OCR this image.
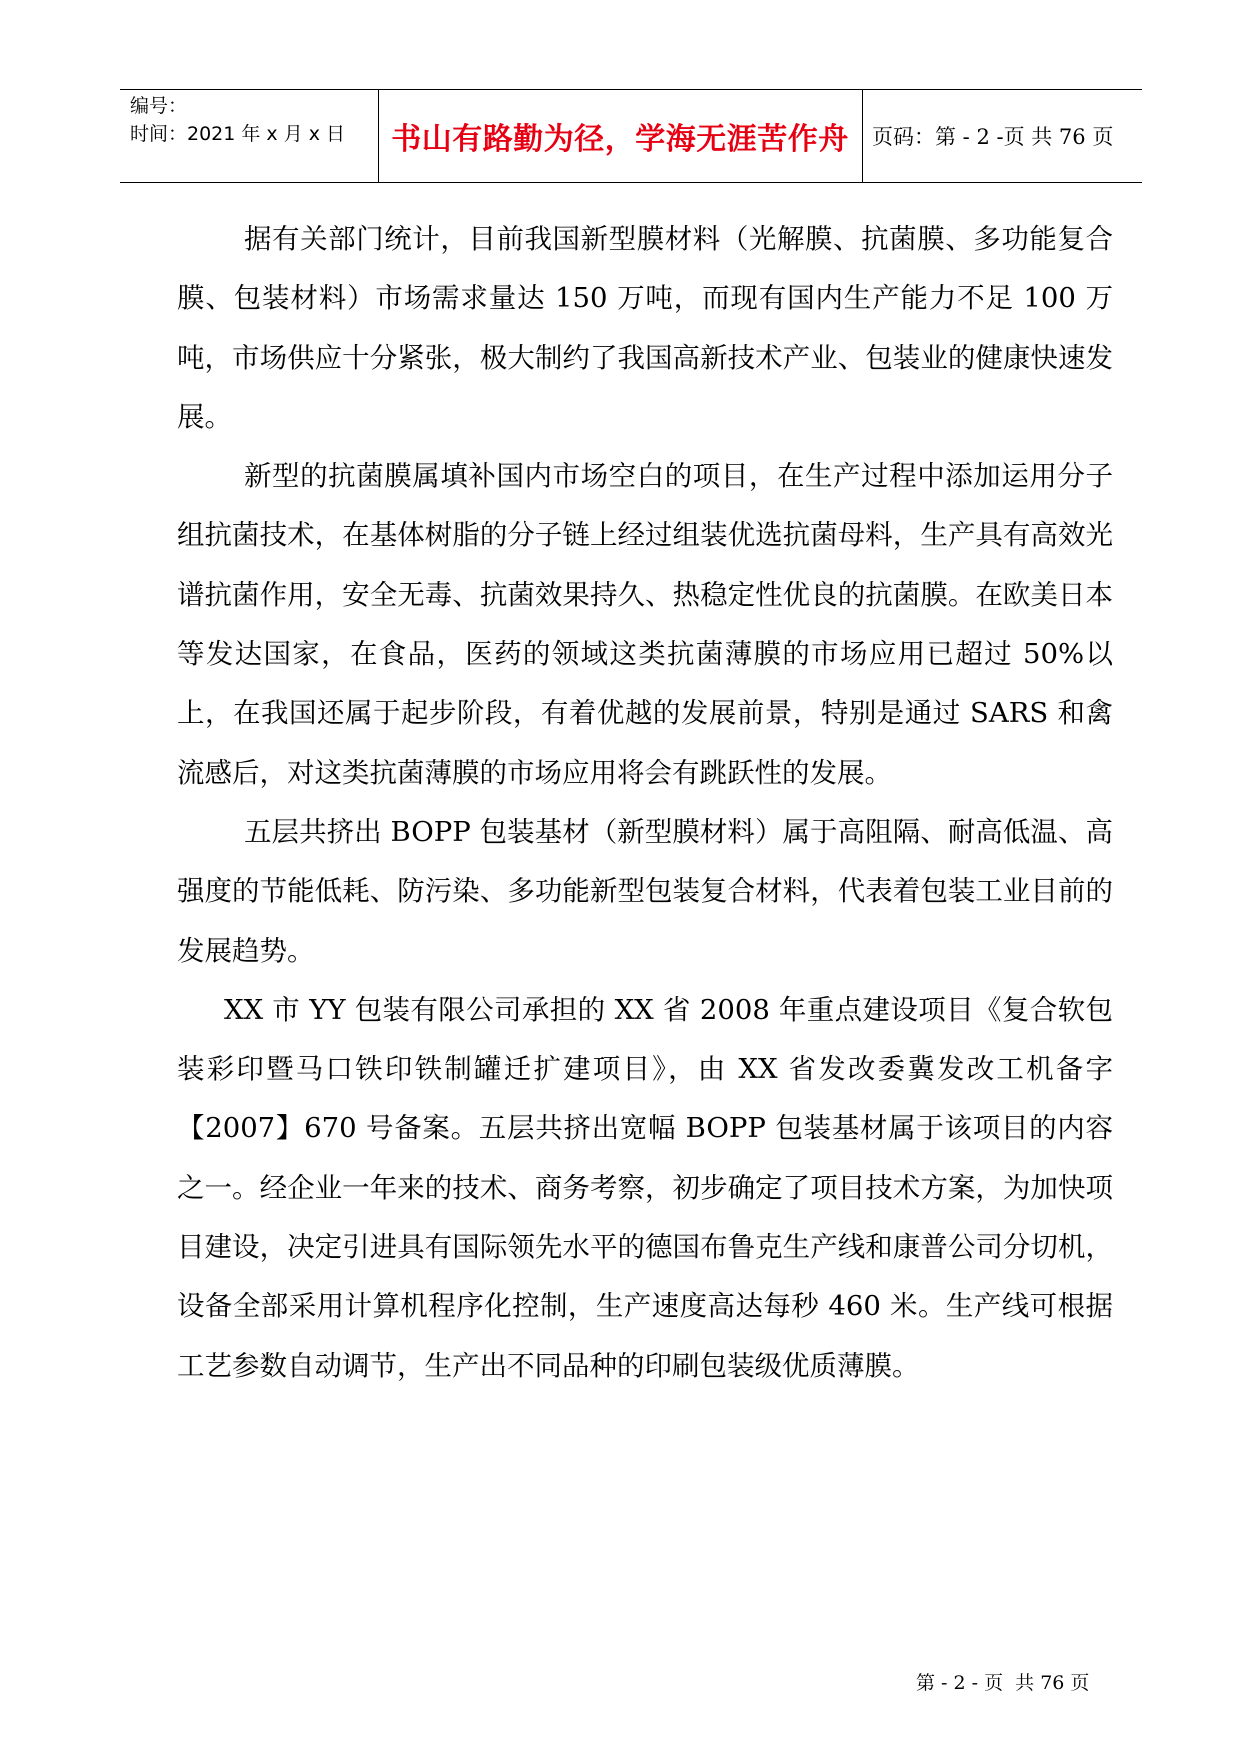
编号：
时间：2021 年 x 月 x 日	书山有路勤为径，学海无涯苦作舟	页码：第 - 2 -页 共 76 页

据有关部门统计，目前我国新型膜材料（光解膜、抗菌膜、多功能复合膜、包装材料）市场需求量达 150 万吨，而现有国内生产能力不足 100 万吨，市场供应十分紧张，极大制约了我国高新技术产业、包装业的健康快速发展。

新型的抗菌膜属填补国内市场空白的项目，在生产过程中添加运用分子组抗菌技术，在基体树脂的分子链上经过组装优选抗菌母料，生产具有高效光谱抗菌作用，安全无毒、抗菌效果持久、热稳定性优良的抗菌膜。在欧美日本等发达国家，在食品，医药的领域这类抗菌薄膜的市场应用已超过 50%以上，在我国还属于起步阶段，有着优越的发展前景，特别是通过 SARS 和禽流感后，对这类抗菌薄膜的市场应用将会有跳跃性的发展。

五层共挤出 BOPP 包装基材（新型膜材料）属于高阻隔、耐高低温、高强度的节能低耗、防污染、多功能新型包装复合材料，代表着包装工业目前的发展趋势。

XX 市 YY 包装有限公司承担的 XX 省 2008 年重点建设项目《复合软包装彩印暨马口铁印铁制罐迁扩建项目》，由 XX 省发改委冀发改工机备字【2007】670 号备案。五层共挤出宽幅 BOPP 包装基材属于该项目的内容之一。经企业一年来的技术、商务考察，初步确定了项目技术方案，为加快项目建设，决定引进具有国际领先水平的德国布鲁克生产线和康普公司分切机，设备全部采用计算机程序化控制，生产速度高达每秒 460 米。生产线可根据工艺参数自动调节，生产出不同品种的印刷包装级优质薄膜。

第 - 2 - 页  共 76 页
